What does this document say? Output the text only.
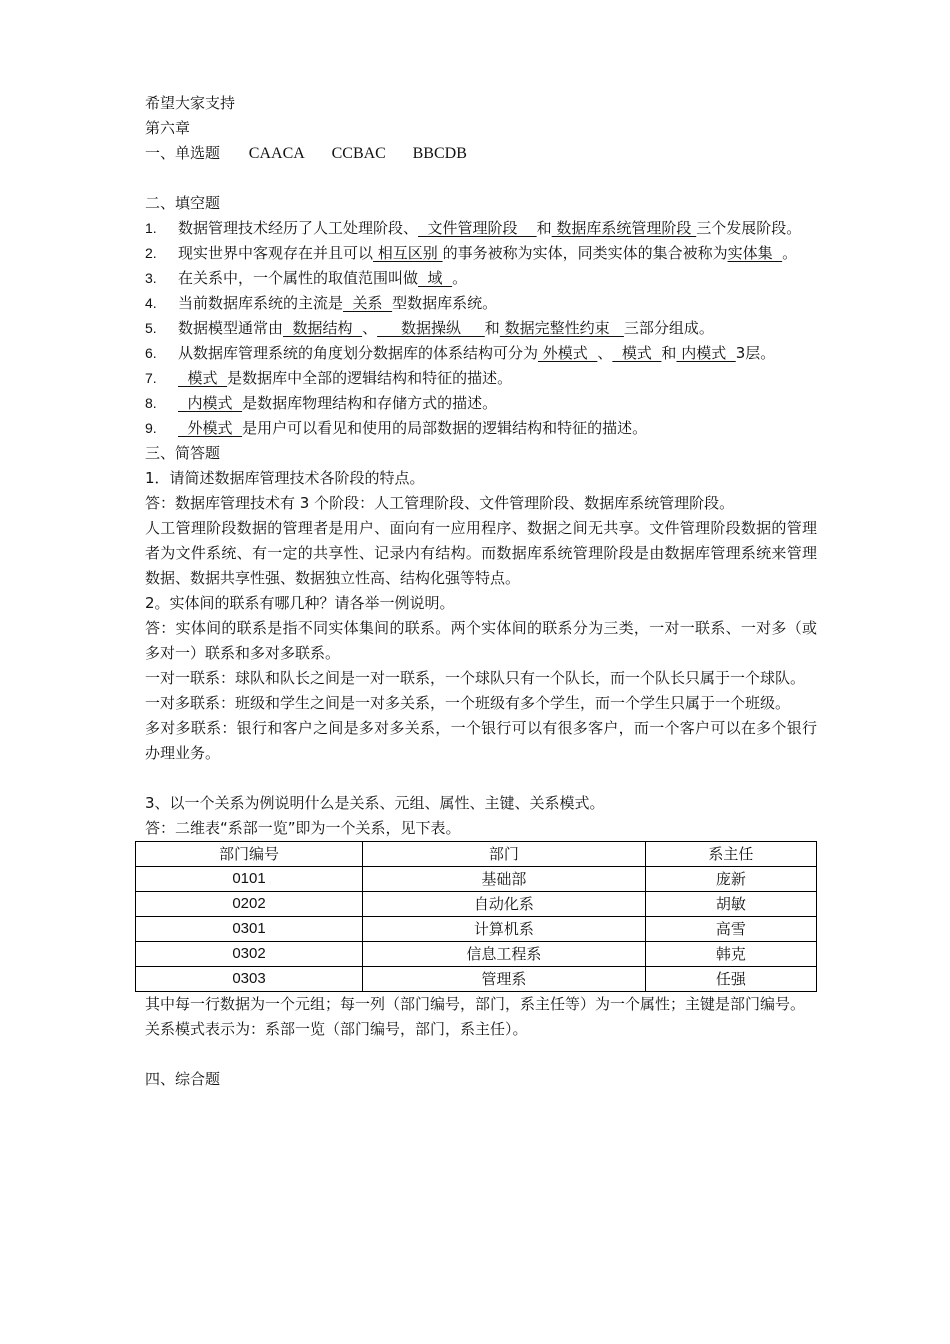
希望大家支持
第六章
一、单选题 CAACA CCBAC BBCDB
二、填空题
1.	数据管理技术经历了人工处理阶段、  文件管理阶段    和 数据库系统管理阶段 三个发展阶段。
2.	现实世界中客观存在并且可以 相互区别 的事务被称为实体，同类实体的集合被称为实体集  。
3.	在关系中，一个属性的取值范围叫做  域  。
4.	当前数据库系统的主流是  关系  型数据库系统。
5.	数据模型通常由  数据结构  、     数据操纵     和 数据完整性约束   三部分组成。
6.	从数据库管理系统的角度划分数据库的体系结构可分为 外模式  、  模式  和 内模式  3层。
7.	模式  是数据库中全部的逻辑结构和特征的描述。
8.	内模式  是数据库物理结构和存储方式的描述。
9.	外模式  是用户可以看见和使用的局部数据的逻辑结构和特征的描述。
三、简答题
1．请简述数据库管理技术各阶段的特点。
答：数据库管理技术有 3 个阶段：人工管理阶段、文件管理阶段、数据库系统管理阶段。
人工管理阶段数据的管理者是用户、面向有一应用程序、数据之间无共享。文件管理阶段数据的管理者为文件系统、有一定的共享性、记录内有结构。而数据库系统管理阶段是由数据库管理系统来管理数据、数据共享性强、数据独立性高、结构化强等特点。
2。实体间的联系有哪几种？请各举一例说明。
答：实体间的联系是指不同实体集间的联系。两个实体间的联系分为三类，一对一联系、一对多（或多对一）联系和多对多联系。
一对一联系：球队和队长之间是一对一联系，一个球队只有一个队长，而一个队长只属于一个球队。
一对多联系：班级和学生之间是一对多关系，一个班级有多个学生，而一个学生只属于一个班级。
多对多联系：银行和客户之间是多对多关系，一个银行可以有很多客户，而一个客户可以在多个银行办理业务。
3、以一个关系为例说明什么是关系、元组、属性、主键、关系模式。
答：二维表“系部一览”即为一个关系，见下表。
部门编号	部门	系主任
0101	基础部	庞新
0202	自动化系	胡敏
0301	计算机系	高雪
0302	信息工程系	韩克
0303	管理系	任强
其中每一行数据为一个元组；每一列（部门编号，部门，系主任等）为一个属性；主键是部门编号。
关系模式表示为：系部一览（部门编号，部门，系主任）。
四、综合题
